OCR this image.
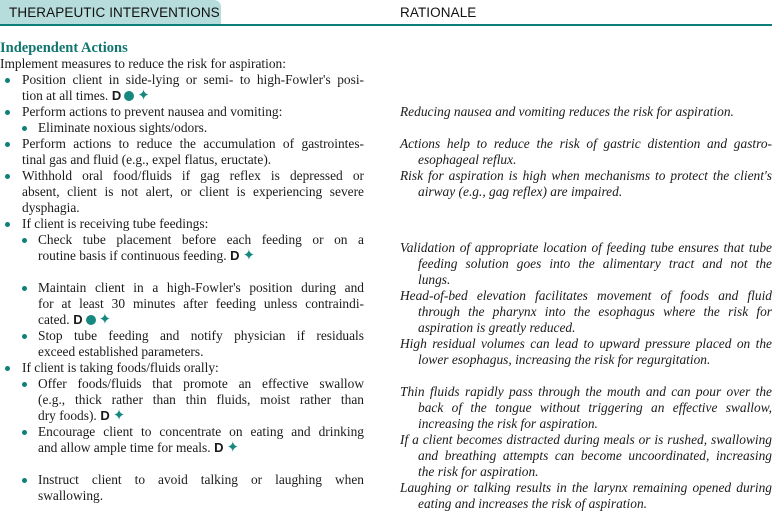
THERAPEUTIC INTERVENTIONS	RATIONALE
Independent Actions
Implement measures to reduce the risk for aspiration:
Position client in side-lying or semi- to high-Fowler's posi-
tion at all times. D ✦
Perform actions to prevent nausea and vomiting:
Eliminate noxious sights/odors.
Perform actions to reduce the accumulation of gastrointes-
tinal gas and fluid (e.g., expel flatus, eructate).
Withhold oral food/fluids if gag reflex is depressed or
absent, client is not alert, or client is experiencing severe
dysphagia.
If client is receiving tube feedings:
Check tube placement before each feeding or on a
routine basis if continuous feeding. D ✦
Maintain client in a high-Fowler's position during and
for at least 30 minutes after feeding unless contraindi-
cated. D ✦
Stop tube feeding and notify physician if residuals
exceed established parameters.
If client is taking foods/fluids orally:
Offer foods/fluids that promote an effective swallow
(e.g., thick rather than thin fluids, moist rather than
dry foods). D ✦
Encourage client to concentrate on eating and drinking
and allow ample time for meals. D ✦
Instruct client to avoid talking or laughing when
swallowing.
Reducing nausea and vomiting reduces the risk for aspiration.
Actions help to reduce the risk of gastric distention and gastro-
esophageal reflux.
Risk for aspiration is high when mechanisms to protect the client's
airway (e.g., gag reflex) are impaired.
Validation of appropriate location of feeding tube ensures that tube
feeding solution goes into the alimentary tract and not the
lungs.
Head-of-bed elevation facilitates movement of foods and fluid
through the pharynx into the esophagus where the risk for
aspiration is greatly reduced.
High residual volumes can lead to upward pressure placed on the
lower esophagus, increasing the risk for regurgitation.
Thin fluids rapidly pass through the mouth and can pour over the
back of the tongue without triggering an effective swallow,
increasing the risk for aspiration.
If a client becomes distracted during meals or is rushed, swallowing
and breathing attempts can become uncoordinated, increasing
the risk for aspiration.
Laughing or talking results in the larynx remaining opened during
eating and increases the risk of aspiration.
